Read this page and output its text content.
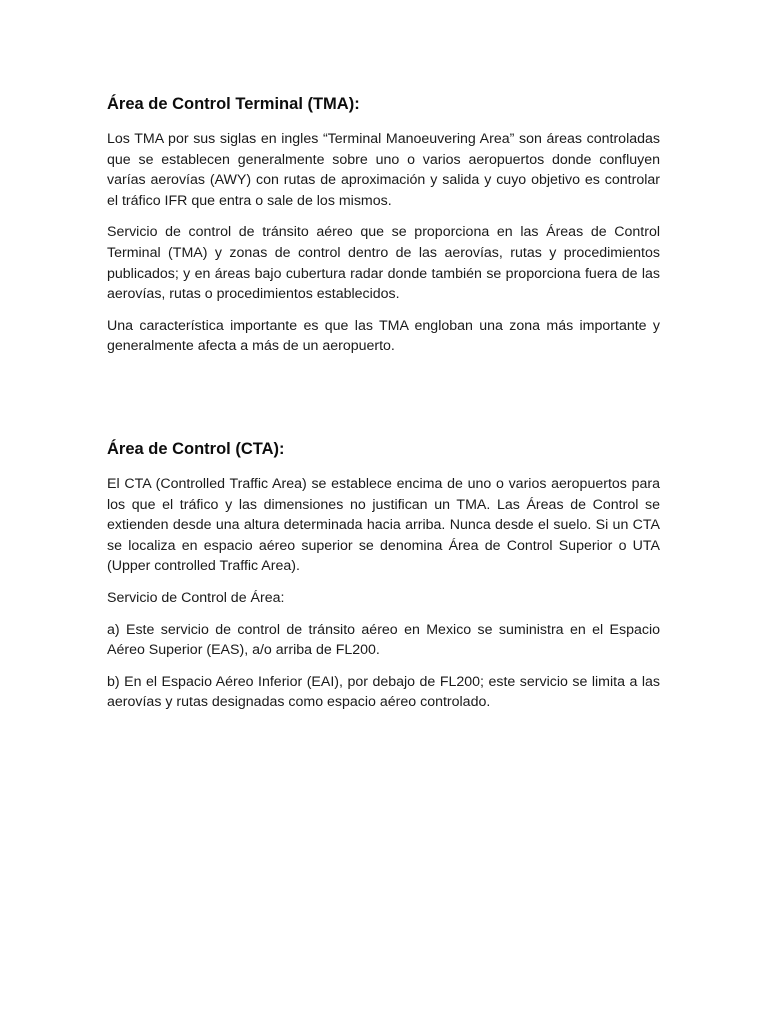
Área de Control Terminal (TMA):

Los TMA por sus siglas en ingles “Terminal Manoeuvering Area” son áreas controladas que se establecen generalmente sobre uno o varios aeropuertos donde confluyen varías aerovías (AWY) con rutas de aproximación y salida y cuyo objetivo es controlar el tráfico IFR que entra o sale de los mismos.

Servicio de control de tránsito aéreo que se proporciona en las Áreas de Control Terminal (TMA) y zonas de control dentro de las aerovías, rutas y procedimientos publicados; y en áreas bajo cubertura radar donde también se proporciona fuera de las aerovías, rutas o procedimientos establecidos.

Una característica importante es que las TMA engloban una zona más importante y generalmente afecta a más de un aeropuerto.

Área de Control (CTA):

El CTA (Controlled Traffic Area) se establece encima de uno o varios aeropuertos para los que el tráfico y las dimensiones no justifican un TMA. Las Áreas de Control se extienden desde una altura determinada hacia arriba. Nunca desde el suelo. Si un CTA se localiza en espacio aéreo superior se denomina Área de Control Superior o UTA (Upper controlled Traffic Area).

Servicio de Control de Área:

a) Este servicio de control de tránsito aéreo en Mexico se suministra en el Espacio Aéreo Superior (EAS), a/o arriba de FL200.

b) En el Espacio Aéreo Inferior (EAI), por debajo de FL200; este servicio se limita a las aerovías y rutas designadas como espacio aéreo controlado.
